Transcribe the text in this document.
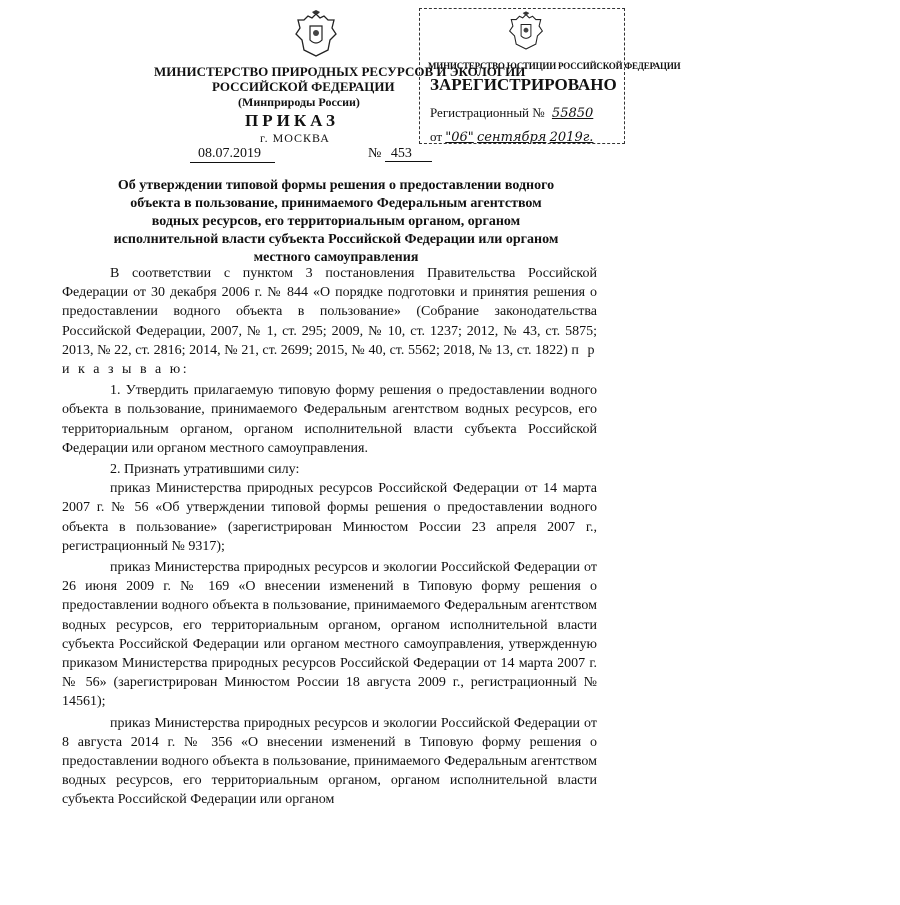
МИНИСТЕРСТВО ЮСТИЦИИ РОССИЙСКОЙ ФЕДЕРАЦИИ
ЗАРЕГИСТРИРОВАНО
Регистрационный № 55850
от "06" сентября 2019г.
МИНИСТЕРСТВО ПРИРОДНЫХ РЕСУРСОВ И ЭКОЛОГИИ
РОССИЙСКОЙ ФЕДЕРАЦИИ
(Минприроды России)
ПРИКАЗ
г. МОСКВА
08.07.2019	№ 453
Об утверждении типовой формы решения о предоставлении водного объекта в пользование, принимаемого Федеральным агентством водных ресурсов, его территориальным органом, органом исполнительной власти субъекта Российской Федерации или органом местного самоуправления

В соответствии с пунктом 3 постановления Правительства Российской Федерации от 30 декабря 2006 г. № 844 «О порядке подготовки и принятия решения о предоставлении водного объекта в пользование» (Собрание законодательства Российской Федерации, 2007, № 1, ст. 295; 2009, № 10, ст. 1237; 2012, № 43, ст. 5875; 2013, № 22, ст. 2816; 2014, № 21, ст. 2699; 2015, № 40, ст. 5562; 2018, № 13, ст. 1822) п р и к а з ы в а ю:

1. Утвердить прилагаемую типовую форму решения о предоставлении водного объекта в пользование, принимаемого Федеральным агентством водных ресурсов, его территориальным органом, органом исполнительной власти субъекта Российской Федерации или органом местного самоуправления.

2. Признать утратившими силу:

приказ Министерства природных ресурсов Российской Федерации от 14 марта 2007 г. № 56 «Об утверждении типовой формы решения о предоставлении водного объекта в пользование» (зарегистрирован Минюстом России 23 апреля 2007 г., регистрационный № 9317);

приказ Министерства природных ресурсов и экологии Российской Федерации от 26 июня 2009 г. № 169 «О внесении изменений в Типовую форму решения о предоставлении водного объекта в пользование, принимаемого Федеральным агентством водных ресурсов, его территориальным органом, органом исполнительной власти субъекта Российской Федерации или органом местного самоуправления, утвержденную приказом Министерства природных ресурсов Российской Федерации от 14 марта 2007 г. № 56» (зарегистрирован Минюстом России 18 августа 2009 г., регистрационный № 14561);

приказ Министерства природных ресурсов и экологии Российской Федерации от 8 августа 2014 г. № 356 «О внесении изменений в Типовую форму решения о предоставлении водного объекта в пользование, принимаемого Федеральным агентством водных ресурсов, его территориальным органом, органом исполнительной власти субъекта Российской Федерации или органом
